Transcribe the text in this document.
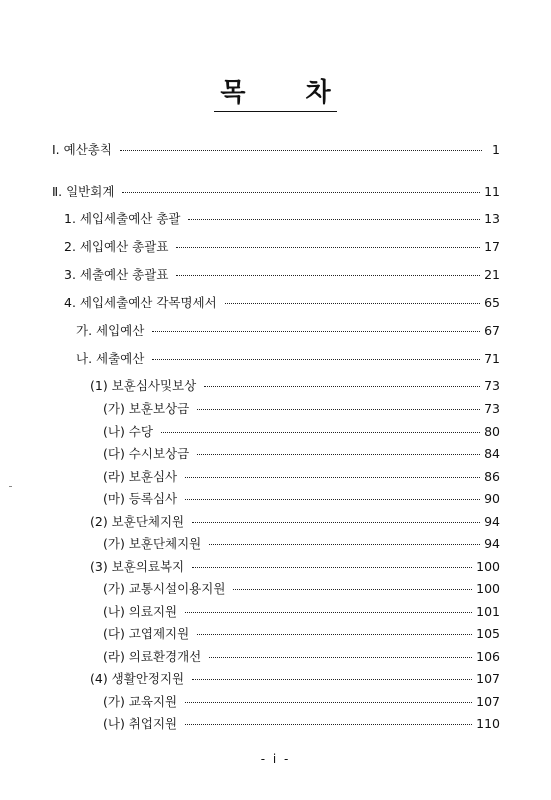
목 차
Ⅰ. 예산총칙	1
Ⅱ. 일반회계	11
1. 세입세출예산 총괄	13
2. 세입예산 총괄표	17
3. 세출예산 총괄표	21
4. 세입세출예산 각목명세서	65
가. 세입예산	67
나. 세출예산	71
(1) 보훈심사및보상	73
(가) 보훈보상금	73
(나) 수당	80
(다) 수시보상금	84
(라) 보훈심사	86
(마) 등록심사	90
(2) 보훈단체지원	94
(가) 보훈단체지원	94
(3) 보훈의료복지	100
(가) 교통시설이용지원	100
(나) 의료지원	101
(다) 고엽제지원	105
(라) 의료환경개선	106
(4) 생활안정지원	107
(가) 교육지원	107
(나) 취업지원	110
- i -
